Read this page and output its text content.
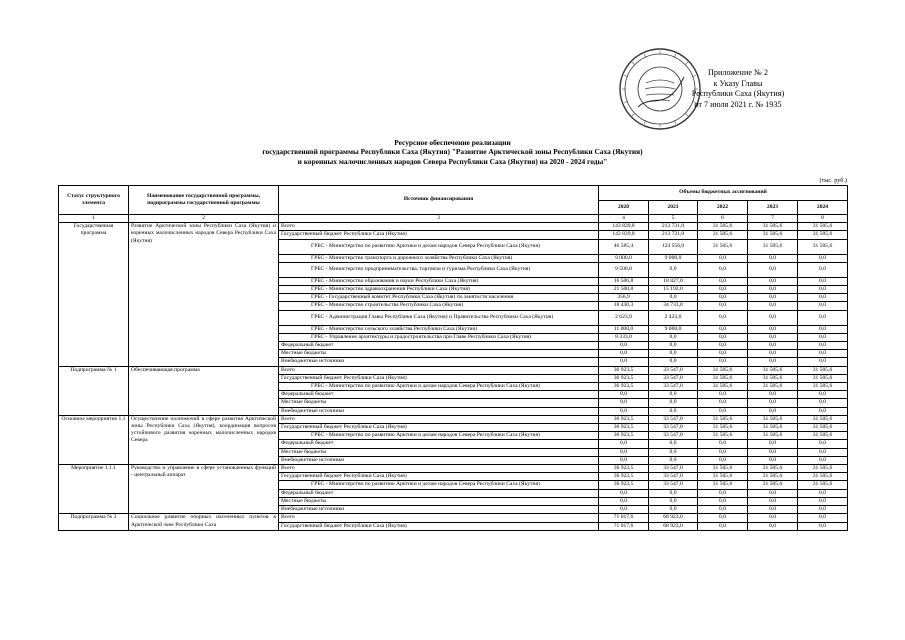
Приложение № 2
к Указу Главы
Республики Саха (Якутия)
от 7 июля 2021 г. № 1935
Ресурсное обеспечение реализации
государственной программы Республики Саха (Якутия) "Развитие Арктической зоны Республики Саха (Якутия)
и коренных малочисленных народов Севера Республики Саха (Якутия) на 2020 - 2024 годы"
(тыс. руб.)
Статус структурного элемента	Наименование государственной программы, подпрограммы государственной программы	Источник финансирования	Объемы бюджетных ассигнований				
			2020	2021	2022	2023	2024
1	2	3	4	5	6	7	8
Государственная программа	Развитие Арктической зоны Республики Саха (Якутия) и коренных малочисленных народов Севера Республики Саха (Якутия)	Всего	143 839,8	213 731,0	31 505,6	31 505,6	31 505,6
		Государственный бюджет Республики Саха (Якутия)	143 839,8	213 731,0	31 505,6	31 505,6	31 505,6
		ГРБС - Министерство по развитию Арктики и делам народов Севера Республики Саха (Якутия)	46 585,4	124 556,0	31 505,6	31 505,6	31 505,6
		ГРБС - Министерство транспорта и дорожного хозяйства Республики Саха (Якутия)	9 000,0	9 000,0	0,0	0,0	0,0
		ГРБС - Министерство предпринимательства, торговли и туризма Республики Саха (Якутия)	9 500,0	0,0	0,0	0,0	0,0
		ГРБС - Министерство образования и науки Республики Саха (Якутия)	16 506,8	18 827,0	0,0	0,0	0,0
		ГРБС - Министерство здравоохранения Республики Саха (Якутия)	21 500,0	15 192,0	0,0	0,0	0,0
		ГРБС - Государственный комитет Республики Саха (Якутия) по занятости населения	356,9	0,0	0,0	0,0	0,0
		ГРБС - Министерство строительства Республики Саха (Якутия)	18 430,3	34 733,0	0,0	0,0	0,0
		ГРБС - Администрация Главы Республики Саха (Якутия) и Правительства Республики Саха (Якутия)	2 623,0	2 423,0	0,0	0,0	0,0
		ГРБС - Министерство сельского хозяйства Республики Саха (Якутия)	11 000,0	9 000,0	0,0	0,0	0,0
		ГРБС - Управление архитектуры и градостроительства при Главе Республики Саха (Якутия)	8 333,0	0,0	0,0	0,0	0,0
		Федеральный бюджет	0,0	0,0	0,0	0,0	0,0
		Местные бюджеты	0,0	0,0	0,0	0,0	0,0
		Внебюджетные источники	0,0	0,0	0,0	0,0	0,0
Подпрограмма № 1	Обеспечивающая программа	Всего	36 923,5	33 547,0	31 505,6	31 505,6	31 505,6
		Государственный бюджет Республики Саха (Якутия)	36 923,5	33 547,0	31 505,6	31 505,6	31 505,6
		ГРБС - Министерство по развитию Арктики и делам народов Севера Республики Саха (Якутия)	36 923,5	33 547,0	31 505,6	31 505,6	31 505,6
		Федеральный бюджет	0,0	0,0	0,0	0,0	0,0
		Местные бюджеты	0,0	0,0	0,0	0,0	0,0
		Внебюджетные источники	0,0	0,0	0,0	0,0	0,0
Основное мероприятие 1.1	Осуществление полномочий в сфере развития Арктической зоны Республики Саха (Якутия), координация вопросов устойчивого развития коренных малочисленных народов Севера	Всего	36 923,5	33 547,0	31 505,6	31 505,6	31 505,6
		Государственный бюджет Республики Саха (Якутия)	36 923,5	33 547,0	31 505,6	31 505,6	31 505,6
		ГРБС - Министерство по развитию Арктики и делам народов Севера Республики Саха (Якутия)	36 923,5	33 547,0	31 505,6	31 505,6	31 505,6
		Федеральный бюджет	0,0	0,0	0,0	0,0	0,0
		Местные бюджеты	0,0	0,0	0,0	0,0	0,0
		Внебюджетные источники	0,0	0,0	0,0	0,0	0,0
Мероприятие 1.1.1	Руководство и управление в сфере установленных функций - центральный аппарат	Всего	36 923,5	33 547,0	31 505,6	31 505,6	31 505,6
		Государственный бюджет Республики Саха (Якутия)	36 923,5	33 547,0	31 505,6	31 505,6	31 505,6
		ГРБС - Министерство по развитию Арктики и делам народов Севера Республики Саха (Якутия)	36 923,5	33 547,0	31 505,6	31 505,6	31 505,6
		Федеральный бюджет	0,0	0,0	0,0	0,0	0,0
		Местные бюджеты	0,0	0,0	0,0	0,0	0,0
		Внебюджетные источники	0,0	0,0	0,0	0,0	0,0
Подпрограмма № 2	Социальное развитие опорных населенных пунктов в Арктической зоне Республики Саха	Всего	71 017,6	68 923,0	0,0	0,0	0,0
		Государственный бюджет Республики Саха (Якутия)	71 017,6	68 923,0	0,0	0,0	0,0
